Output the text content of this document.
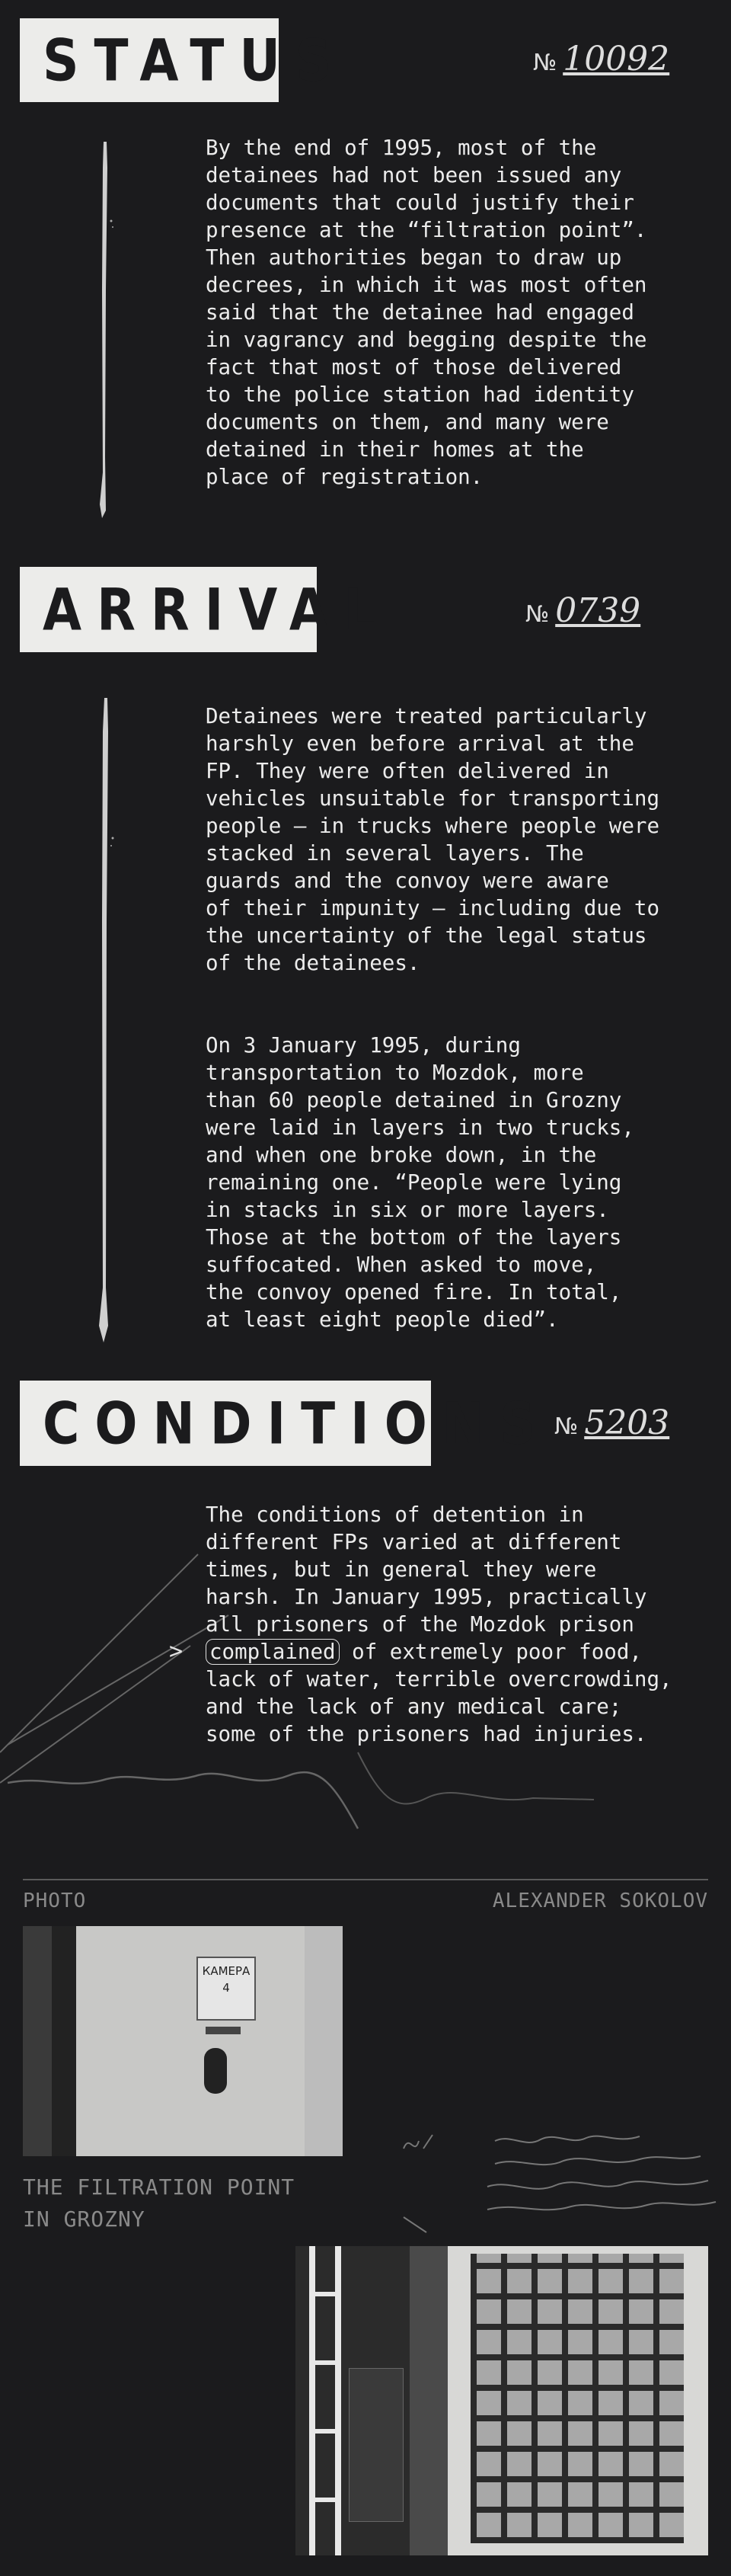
STATUS	№ 10092

By the end of 1995, most of the
detainees had not been issued any
documents that could justify their
presence at the “filtration point”.
Then authorities began to draw up
decrees, in which it was most often
said that the detainee had engaged
in vagrancy and begging despite the
fact that most of those delivered
to the police station had identity
documents on them, and many were
detained in their homes at the
place of registration.

ARRIVAL	№ 0739

Detainees were treated particularly
harshly even before arrival at the
FP. They were often delivered in
vehicles unsuitable for transporting
people – in trucks where people were
stacked in several layers. The
guards and the convoy were aware
of their impunity – including due to
the uncertainty of the legal status
of the detainees.

On 3 January 1995, during
transportation to Mozdok, more
than 60 people detained in Grozny
were laid in layers in two trucks,
and when one broke down, in the
remaining one. “People were lying
in stacks in six or more layers.
Those at the bottom of the layers
suffocated. When asked to move,
the convoy opened fire. In total,
at least eight people died”.

CONDITIONS № 5203
>

The conditions of detention in
different FPs varied at different
times, but in general they were
harsh. In January 1995, practically
all prisoners of the Mozdok prison
complained of extremely poor food,
lack of water, terrible overcrowding,
and the lack of any medical care;
some of the prisoners had injuries.

PHOTO	ALEXANDER SOKOLOV
КАМЕРА
4

THE FILTRATION POINT
IN GROZNY
